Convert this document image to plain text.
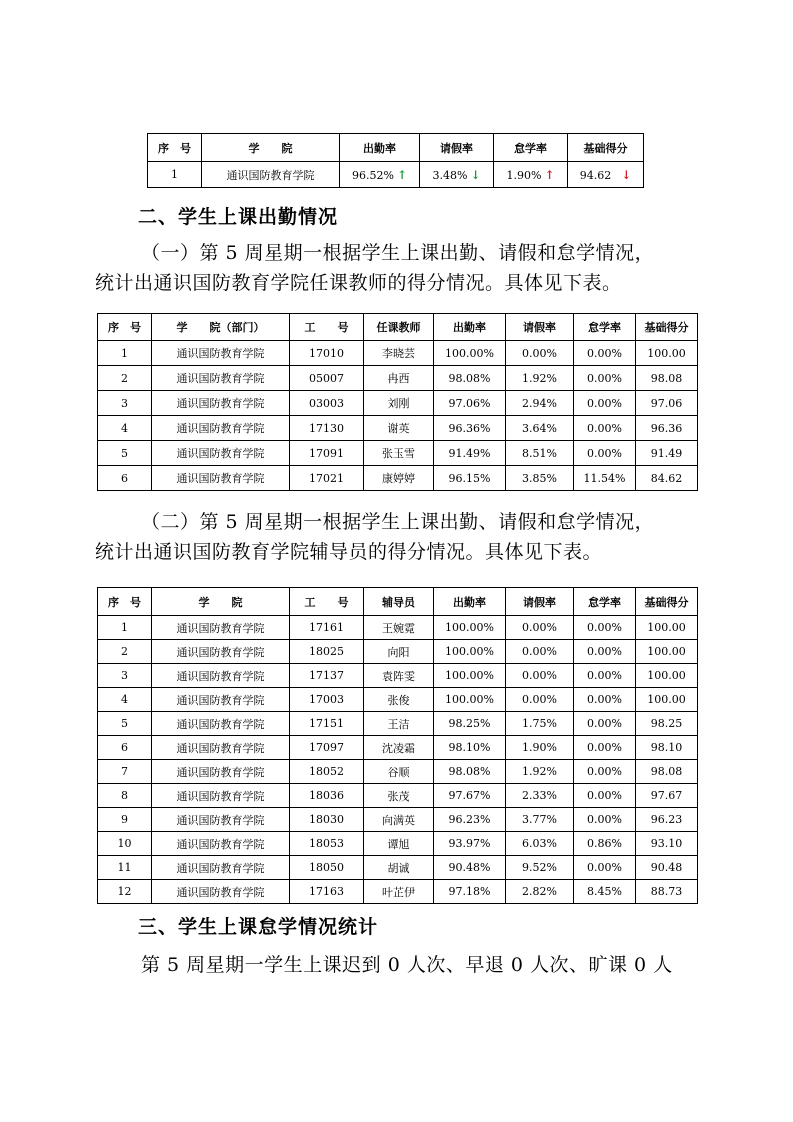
序　号	学　　院	出勤率	请假率	怠学率	基础得分
1	通识国防教育学院	96.52% ↑	3.48% ↓	1.90% ↑	94.62 ↓
二、学生上课出勤情况
（一）第 5 周星期一根据学生上课出勤、请假和怠学情况，
统计出通识国防教育学院任课教师的得分情况。具体见下表。
序　号	学　　院（部门）	工　　号	任课教师	出勤率	请假率	怠学率	基础得分
1	通识国防教育学院	17010	李晓芸	100.00%	0.00%	0.00%	100.00
2	通识国防教育学院	05007	冉西	98.08%	1.92%	0.00%	98.08
3	通识国防教育学院	03003	刘刚	97.06%	2.94%	0.00%	97.06
4	通识国防教育学院	17130	谢英	96.36%	3.64%	0.00%	96.36
5	通识国防教育学院	17091	张玉雪	91.49%	8.51%	0.00%	91.49
6	通识国防教育学院	17021	康婷婷	96.15%	3.85%	11.54%	84.62
（二）第 5 周星期一根据学生上课出勤、请假和怠学情况，
统计出通识国防教育学院辅导员的得分情况。具体见下表。
序　号	学　　院	工　　号	辅导员	出勤率	请假率	怠学率	基础得分
1	通识国防教育学院	17161	王婉霓	100.00%	0.00%	0.00%	100.00
2	通识国防教育学院	18025	向阳	100.00%	0.00%	0.00%	100.00
3	通识国防教育学院	17137	袁阵雯	100.00%	0.00%	0.00%	100.00
4	通识国防教育学院	17003	张俊	100.00%	0.00%	0.00%	100.00
5	通识国防教育学院	17151	王洁	98.25%	1.75%	0.00%	98.25
6	通识国防教育学院	17097	沈凌霜	98.10%	1.90%	0.00%	98.10
7	通识国防教育学院	18052	谷顺	98.08%	1.92%	0.00%	98.08
8	通识国防教育学院	18036	张茂	97.67%	2.33%	0.00%	97.67
9	通识国防教育学院	18030	向满英	96.23%	3.77%	0.00%	96.23
10	通识国防教育学院	18053	谭旭	93.97%	6.03%	0.86%	93.10
11	通识国防教育学院	18050	胡诚	90.48%	9.52%	0.00%	90.48
12	通识国防教育学院	17163	叶芷伊	97.18%	2.82%	8.45%	88.73
三、学生上课怠学情况统计
第 5 周星期一学生上课迟到 0 人次、早退 0 人次、旷课 0 人
